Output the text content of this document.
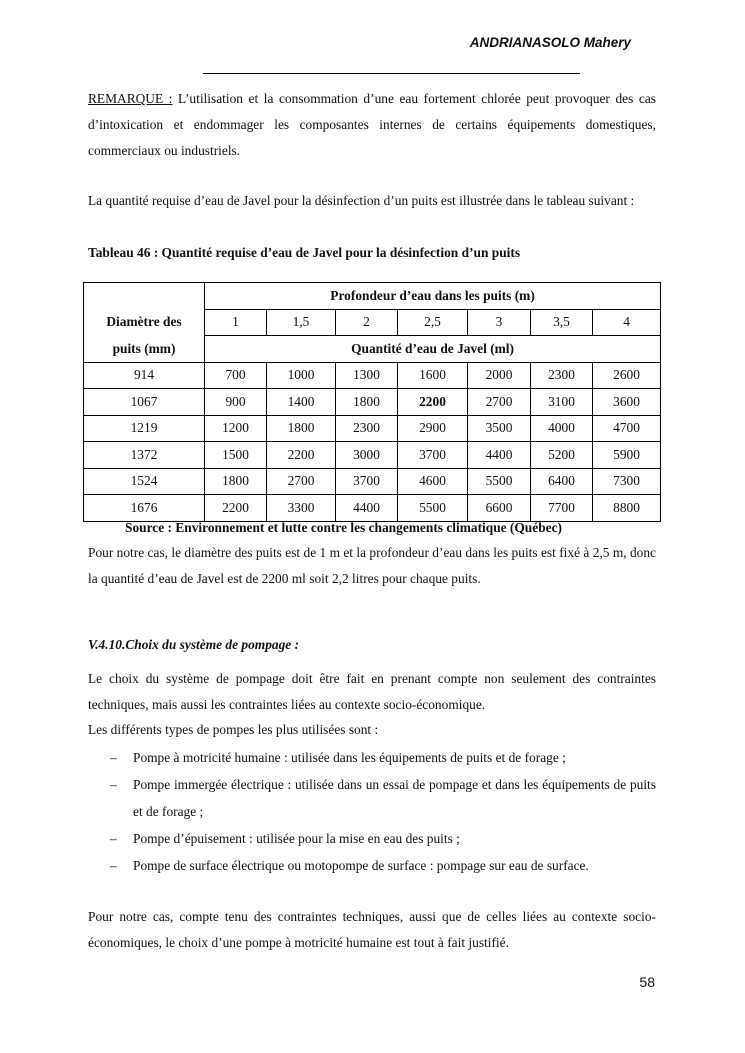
ANDRIANASOLO Mahery

REMARQUE : L’utilisation et la consommation d’une eau fortement chlorée peut provoquer des cas d’intoxication et endommager les composantes internes de certains équipements domestiques, commerciaux ou industriels.

La quantité requise d’eau de Javel pour la désinfection d’un puits est illustrée dans le tableau suivant :

Tableau 46 : Quantité requise d’eau de Javel pour la désinfection d’un puits
	Profondeur d’eau dans les puits (m)						
Diamètre des	1	1,5	2	2,5	3	3,5	4
puits (mm)	Quantité d’eau de Javel (ml)						
914	700	1000	1300	1600	2000	2300	2600
1067	900	1400	1800	2200	2700	3100	3600
1219	1200	1800	2300	2900	3500	4000	4700
1372	1500	2200	3000	3700	4400	5200	5900
1524	1800	2700	3700	4600	5500	6400	7300
1676	2200	3300	4400	5500	6600	7700	8800
Source : Environnement et lutte contre les changements climatique (Québec)

Pour notre cas, le diamètre des puits est de 1 m et la profondeur d’eau dans les puits est fixé à 2,5 m, donc la quantité d’eau de Javel est de 2200 ml soit 2,2 litres pour chaque puits.

V.4.10.Choix du système de pompage :

Le choix du système de pompage doit être fait en prenant compte non seulement des contraintes techniques, mais aussi les contraintes liées au contexte socio-économique.

Les différents types de pompes les plus utilisées sont :

– Pompe à motricité humaine : utilisée dans les équipements de puits et de forage ;
– Pompe immergée électrique : utilisée dans un essai de pompage et dans les équipements de puits et de forage ;
– Pompe d’épuisement : utilisée pour la mise en eau des puits ;
– Pompe de surface électrique ou motopompe de surface : pompage sur eau de surface.

Pour notre cas, compte tenu des contraintes techniques, aussi que de celles liées au contexte socio-économiques, le choix d’une pompe à motricité humaine est tout à fait justifié.

58
